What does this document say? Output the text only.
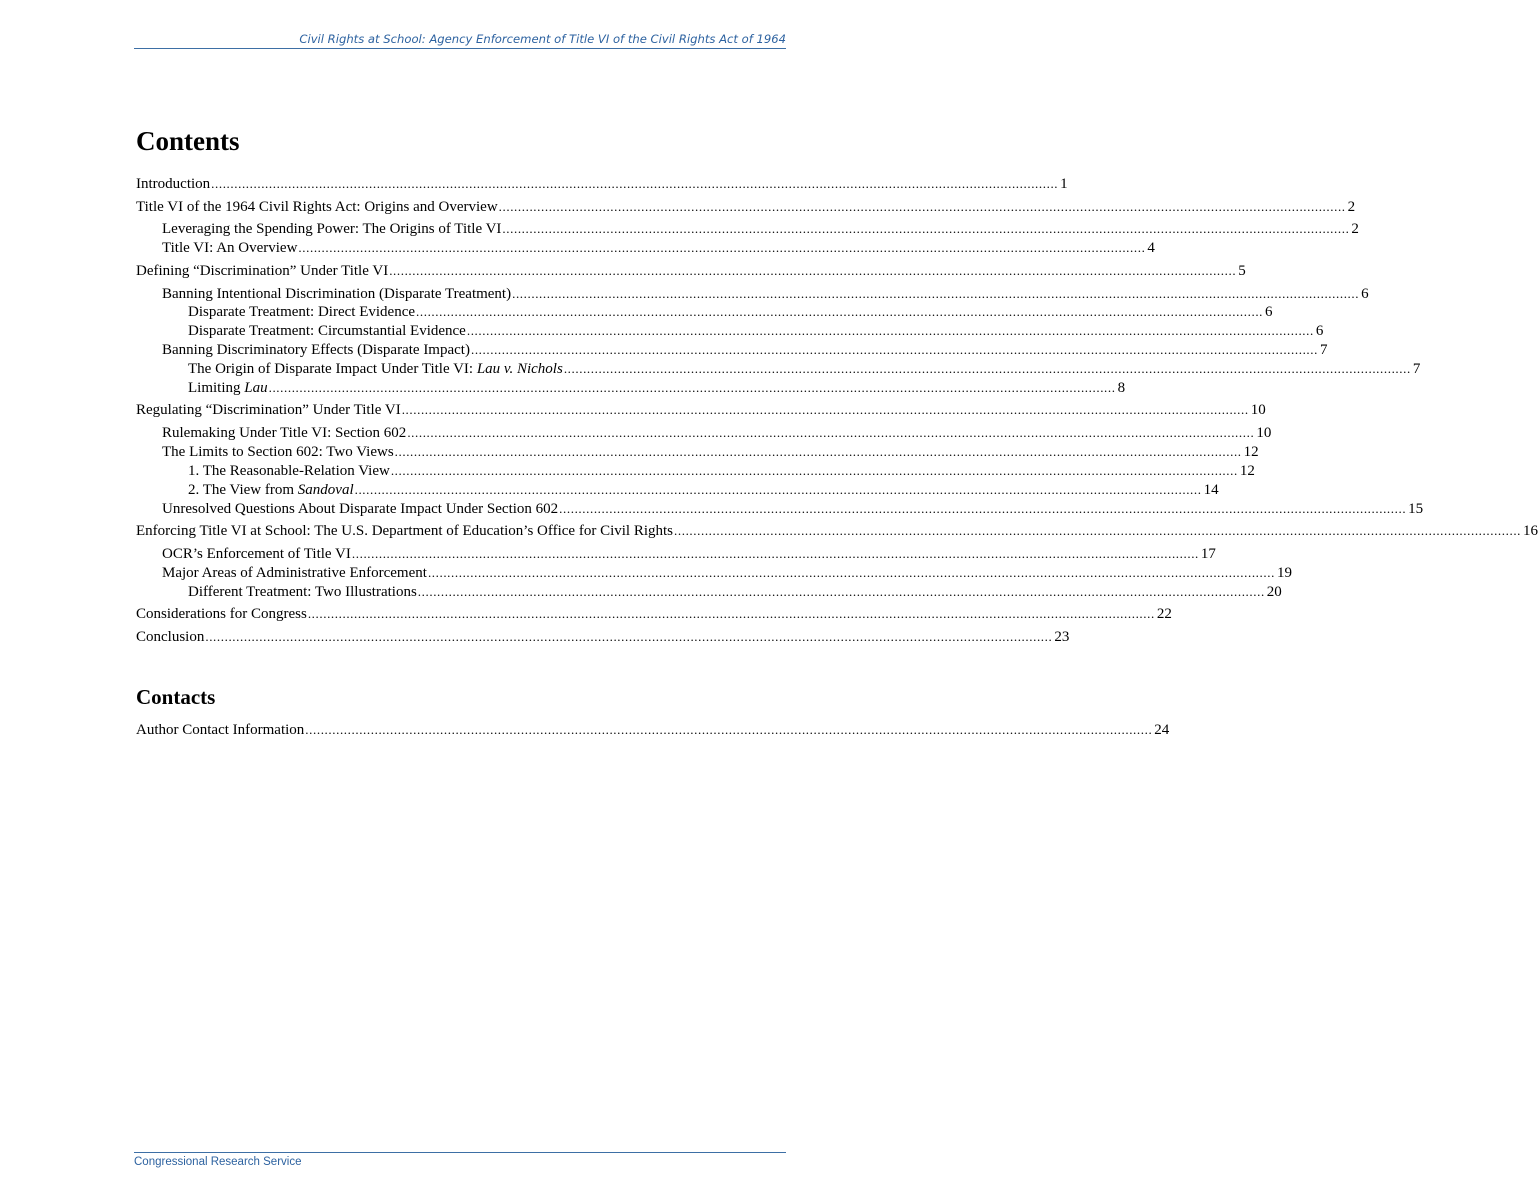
Civil Rights at School: Agency Enforcement of Title VI of the Civil Rights Act of 1964
Contents
Introduction ............................................................................................................................................................................................................................ 1
Title VI of the 1964 Civil Rights Act: Origins and Overview ............................................................................................................................................................................................................................ 2
Leveraging the Spending Power: The Origins of Title VI ............................................................................................................................................................................................................................ 2
Title VI: An Overview ............................................................................................................................................................................................................................ 4
Defining “Discrimination” Under Title VI ............................................................................................................................................................................................................................ 5
Banning Intentional Discrimination (Disparate Treatment) ............................................................................................................................................................................................................................ 6
Disparate Treatment: Direct Evidence ............................................................................................................................................................................................................................ 6
Disparate Treatment: Circumstantial Evidence ............................................................................................................................................................................................................................ 6
Banning Discriminatory Effects (Disparate Impact) ............................................................................................................................................................................................................................ 7
The Origin of Disparate Impact Under Title VI: Lau v. Nichols ............................................................................................................................................................................................................................ 7
Limiting Lau ............................................................................................................................................................................................................................ 8
Regulating “Discrimination” Under Title VI ............................................................................................................................................................................................................................ 10
Rulemaking Under Title VI: Section 602 ............................................................................................................................................................................................................................ 10
The Limits to Section 602: Two Views ............................................................................................................................................................................................................................ 12
1. The Reasonable-Relation View ............................................................................................................................................................................................................................ 12
2. The View from Sandoval ............................................................................................................................................................................................................................ 14
Unresolved Questions About Disparate Impact Under Section 602 ............................................................................................................................................................................................................................ 15
Enforcing Title VI at School: The U.S. Department of Education’s Office for Civil Rights ............................................................................................................................................................................................................................ 16
OCR’s Enforcement of Title VI ............................................................................................................................................................................................................................ 17
Major Areas of Administrative Enforcement ............................................................................................................................................................................................................................ 19
Different Treatment: Two Illustrations ............................................................................................................................................................................................................................ 20
Considerations for Congress ............................................................................................................................................................................................................................ 22
Conclusion ............................................................................................................................................................................................................................ 23
Contacts
Author Contact Information ............................................................................................................................................................................................................................ 24
Congressional Research Service
